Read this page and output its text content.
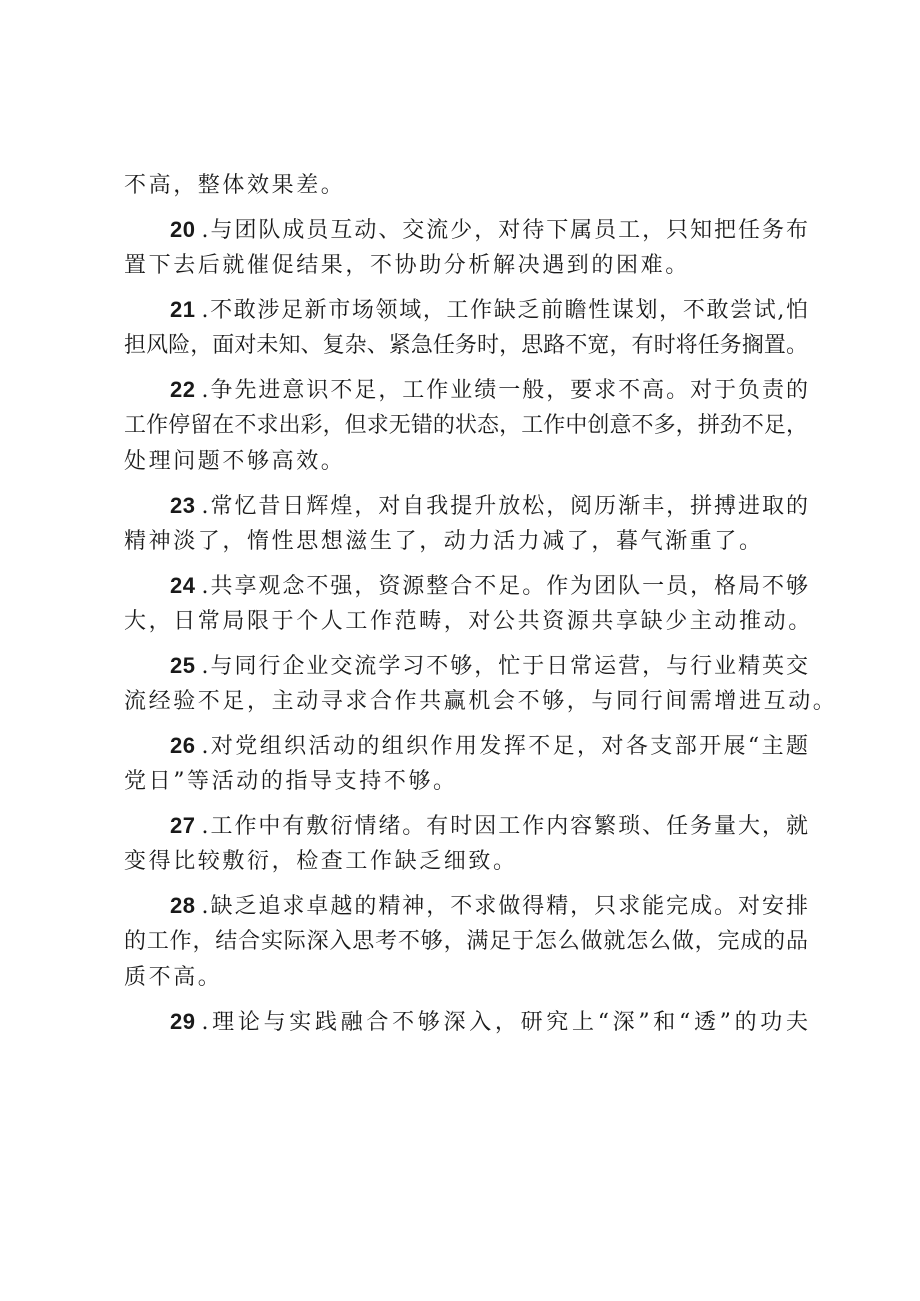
不高，整体效果差。
20 .与团队成员互动、交流少，对待下属员工，只知把任务布
置下去后就催促结果，不协助分析解决遇到的困难。
21 .不敢涉足新市场领域，工作缺乏前瞻性谋划，不敢尝试,怕
担风险，面对未知、复杂、紧急任务时，思路不宽，有时将任务搁置。
22 .争先进意识不足，工作业绩一般，要求不高。对于负责的
工作停留在不求出彩，但求无错的状态，工作中创意不多，拼劲不足，
处理问题不够高效。
23 .常忆昔日辉煌，对自我提升放松，阅历渐丰，拼搏进取的
精神淡了，惰性思想滋生了，动力活力减了，暮气渐重了。
24 .共享观念不强，资源整合不足。作为团队一员，格局不够
大，日常局限于个人工作范畴，对公共资源共享缺少主动推动。
25 .与同行企业交流学习不够，忙于日常运营，与行业精英交
流经验不足，主动寻求合作共赢机会不够，与同行间需增进互动。
26 .对党组织活动的组织作用发挥不足，对各支部开展“主题
党日”等活动的指导支持不够。
27 .工作中有敷衍情绪。有时因工作内容繁琐、任务量大，就
变得比较敷衍，检查工作缺乏细致。
28 .缺乏追求卓越的精神，不求做得精，只求能完成。对安排
的工作，结合实际深入思考不够，满足于怎么做就怎么做，完成的品
质不高。
29 .理论与实践融合不够深入，研究上“深”和“透”的功夫
